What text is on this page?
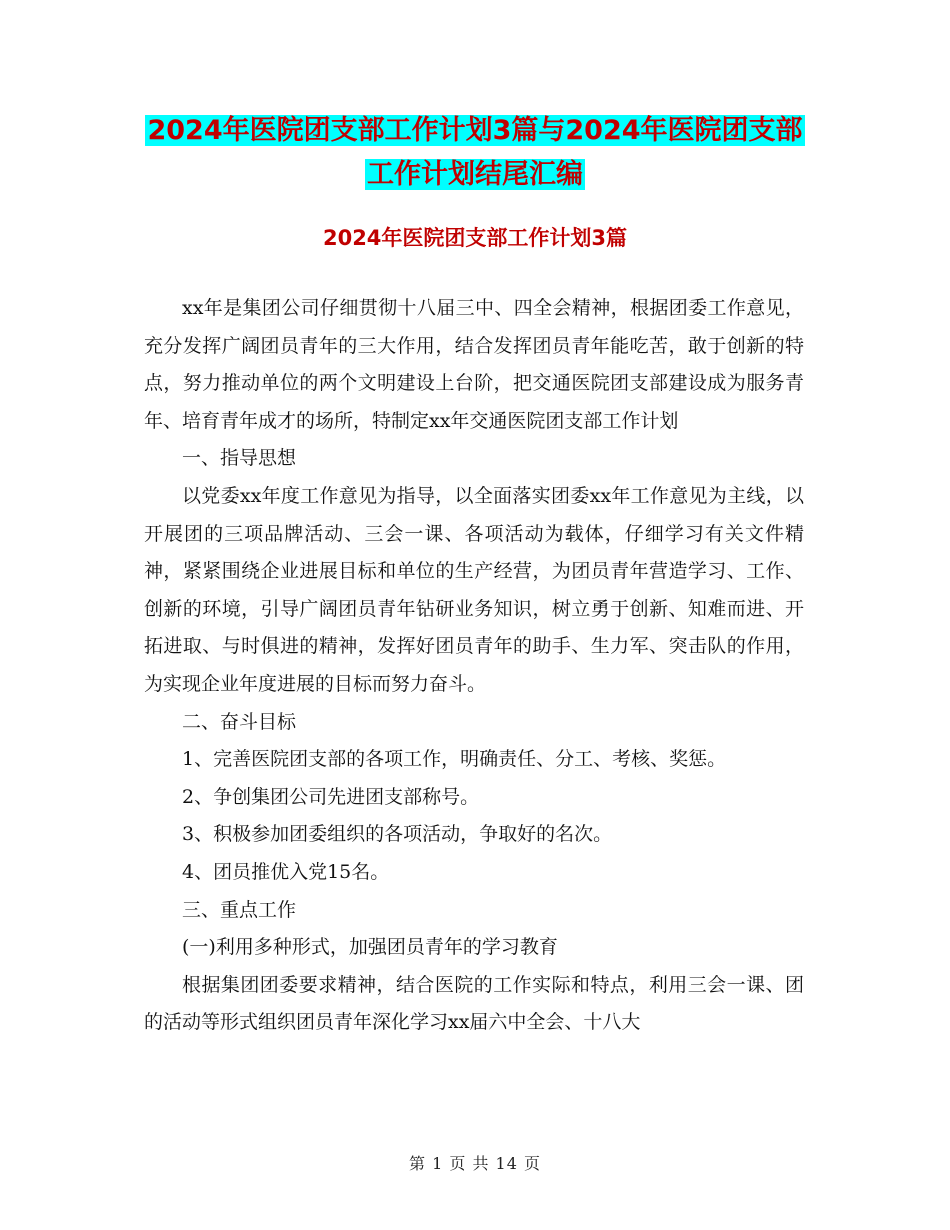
2024年医院团支部工作计划3篇与2024年医院团支部
工作计划结尾汇编
2024年医院团支部工作计划3篇

xx年是集团公司仔细贯彻十八届三中、四全会精神，根据团委工作意见，充分发挥广阔团员青年的三大作用，结合发挥团员青年能吃苦，敢于创新的特点，努力推动单位的两个文明建设上台阶，把交通医院团支部建设成为服务青年、培育青年成才的场所，特制定xx年交通医院团支部工作计划

一、指导思想

以党委xx年度工作意见为指导，以全面落实团委xx年工作意见为主线，以开展团的三项品牌活动、三会一课、各项活动为载体，仔细学习有关文件精神，紧紧围绕企业进展目标和单位的生产经营，为团员青年营造学习、工作、创新的环境，引导广阔团员青年钻研业务知识，树立勇于创新、知难而进、开拓进取、与时俱进的精神，发挥好团员青年的助手、生力军、突击队的作用，为实现企业年度进展的目标而努力奋斗。

二、奋斗目标

1、完善医院团支部的各项工作，明确责任、分工、考核、奖惩。

2、争创集团公司先进团支部称号。

3、积极参加团委组织的各项活动，争取好的名次。

4、团员推优入党15名。

三、重点工作

(一)利用多种形式，加强团员青年的学习教育

根据集团团委要求精神，结合医院的工作实际和特点，利用三会一课、团的活动等形式组织团员青年深化学习xx届六中全会、十八大

第 1 页 共 14 页
